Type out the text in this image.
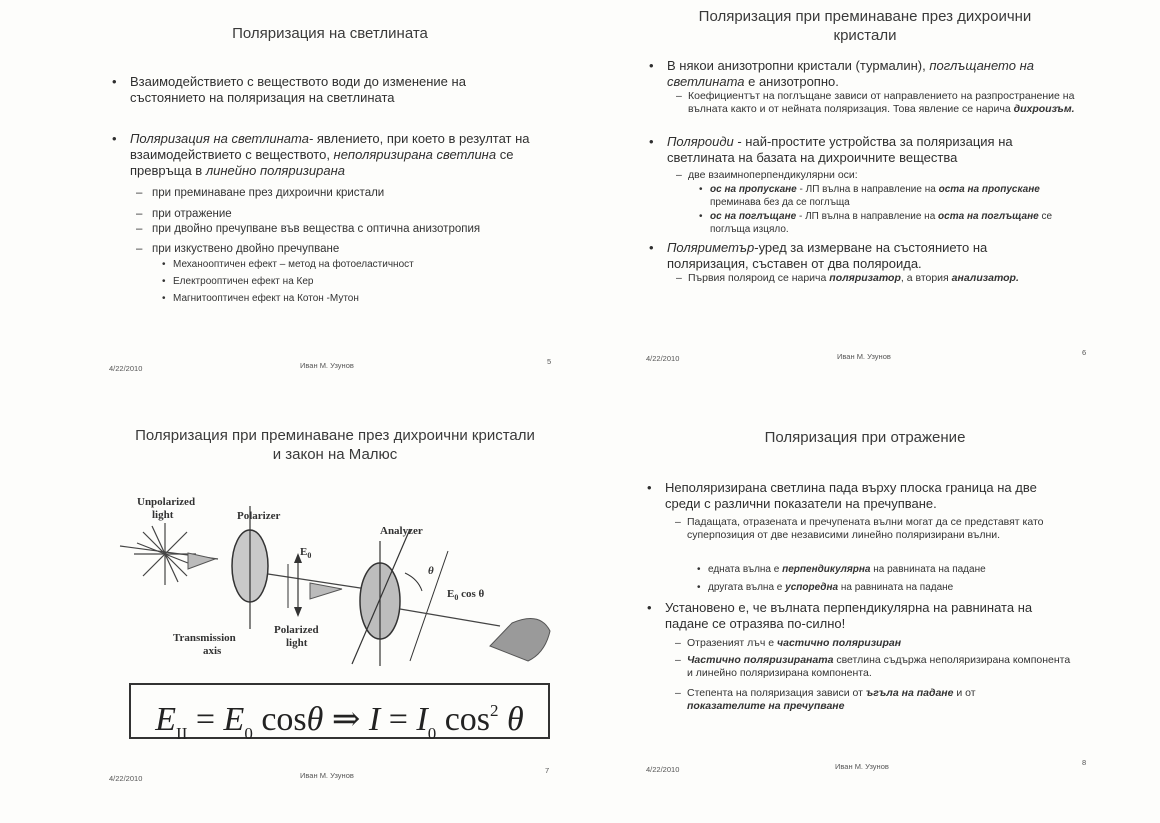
Поляризация на светлината
• Взаимодействието с веществото води до изменение на състоянието на поляризация на светлината
• Поляризация на светлината- явлението, при което в резултат на взаимодействието с веществото, неполяризирана светлина се превръща в линейно поляризирана
– при преминаване през дихроични кристали
– при отражение
– при двойно пречупване във вещества с оптична анизотропия
– при изкуствено двойно пречупване
• Механооптичен ефект – метод на фотоеластичност
• Електрооптичен ефект на Кер
• Магнитооптичен ефект на Котон -Мутон
4/22/2010	Иван М. Узунов	5
Поляризация при преминаване през дихроични кристали
• В някои анизотропни кристали (турмалин), поглъщането на светлината е анизотропно.
– Коефициентът на поглъщане зависи от направлението на разпространение на вълната както и от нейната поляризация. Това явление се нарича дихроизъм.
• Поляроиди - най-простите устройства за поляризация на светлината на базата на дихроичните вещества
– две взаимноперпендикулярни оси:
• ос на пропускане - ЛП вълна в направление на оста на пропускане преминава без да се поглъща
• ос на поглъщане - ЛП вълна в направление на оста на поглъщане се поглъща изцяло.
• Поляриметър-уред за измерване на състоянието на поляризация, съставен от два поляроида.
– Първия поляроид се нарича поляризатор, а втория анализатор.
4/22/2010	Иван М. Узунов	6
Поляризация при преминаване през дихроични кристали и закон на Малюс
Unpolarized
light	Polarizer
Analyzer
$E_0$
θ
$E_0$ cos θ
Transmission
axis
Polarized
light
$E_{II} = E_0$ cosθ ⇒ $I = I_0$ $\cos^2 \theta$
4/22/2010	Иван М. Узунов
7
Поляризация при отражение
• Неполяризирана светлина пада върху плоска граница на две среди с различни показатели на пречупване.
– Падащата, отразената и пречупената вълни могат да се представят като суперпозиция от две независими линейно поляризирани вълни.
• едната вълна е перпендикулярна на равнината на падане
• другата вълна е успоредна на равнината на падане
• Установено е, че вълната перпендикулярна на равнината на падане се отразява по-силно!
– Отразеният лъч е частично поляризиран
– Частично поляризираната светлина съдържа неполяризирана компонента и линейно поляризирана компонента.
– Степента на поляризация зависи от ъгъла на падане и от
показателите на пречупване
4/22/2010	Иван М. Узунов	8
